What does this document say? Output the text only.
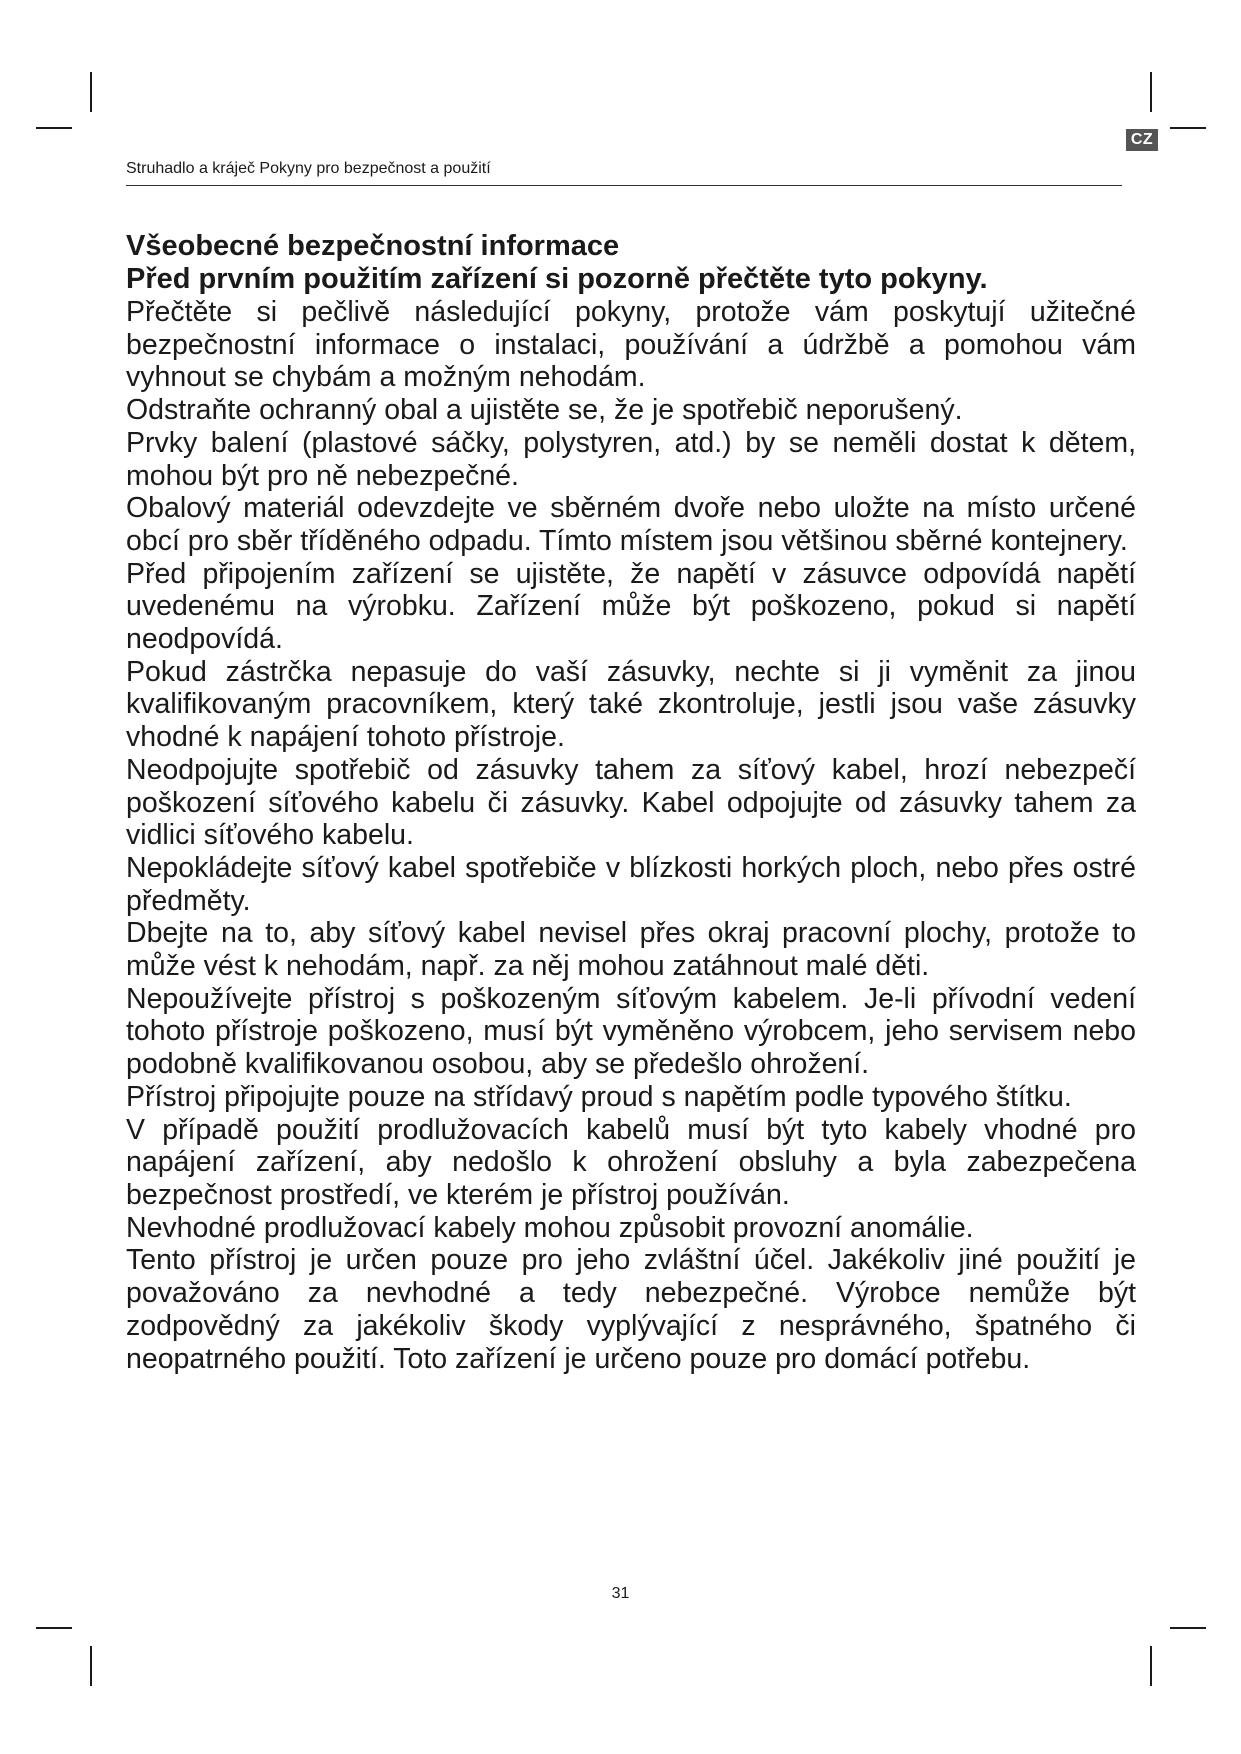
CZ
Struhadlo a kráječ Pokyny pro bezpečnost a použití
Všeobecné bezpečnostní informace
Před prvním použitím zařízení si pozorně přečtěte tyto pokyny.

Přečtěte si pečlivě následující pokyny, protože vám poskytují užitečné bezpečnostní informace o instalaci, používání a údržbě a pomohou vám vyhnout se chybám a možným nehodám.

Odstraňte ochranný obal a ujistěte se, že je spotřebič neporušený.

Prvky balení (plastové sáčky, polystyren, atd.) by se neměli dostat k dětem, mohou být pro ně nebezpečné.

Obalový materiál odevzdejte ve sběrném dvoře nebo uložte na místo určené obcí pro sběr tříděného odpadu. Tímto místem jsou většinou sběrné kontejnery.

Před připojením zařízení se ujistěte, že napětí v zásuvce odpovídá napětí uvedenému na výrobku. Zařízení může být poškozeno, pokud si napětí neodpovídá.

Pokud zástrčka nepasuje do vaší zásuvky, nechte si ji vyměnit za jinou kvalifikovaným pracovníkem, který také zkontroluje, jestli jsou vaše zásuvky vhodné k napájení tohoto přístroje.

Neodpojujte spotřebič od zásuvky tahem za síťový kabel, hrozí nebezpečí poškození síťového kabelu či zásuvky. Kabel odpojujte od zásuvky tahem za vidlici síťového kabelu.

Nepokládejte síťový kabel spotřebiče v blízkosti horkých ploch, nebo přes ostré předměty.

Dbejte na to, aby síťový kabel nevisel přes okraj pracovní plochy, protože to může vést k nehodám, např. za něj mohou zatáhnout malé děti.

Nepoužívejte přístroj s poškozeným síťovým kabelem. Je-li přívodní vedení tohoto přístroje poškozeno, musí být vyměněno výrobcem, jeho servisem nebo podobně kvalifikovanou osobou, aby se předešlo ohrožení.

Přístroj připojujte pouze na střídavý proud s napětím podle typového štítku.

V případě použití prodlužovacích kabelů musí být tyto kabely vhodné pro napájení zařízení, aby nedošlo k ohrožení obsluhy a byla zabezpečena bezpečnost prostředí, ve kterém je přístroj používán.

Nevhodné prodlužovací kabely mohou způsobit provozní anomálie.

Tento přístroj je určen pouze pro jeho zvláštní účel. Jakékoliv jiné použití je považováno za nevhodné a tedy nebezpečné. Výrobce nemůže být zodpovědný za jakékoliv škody vyplývající z nesprávného, špatného či neopatrného použití. Toto zařízení je určeno pouze pro domácí potřebu.

31
